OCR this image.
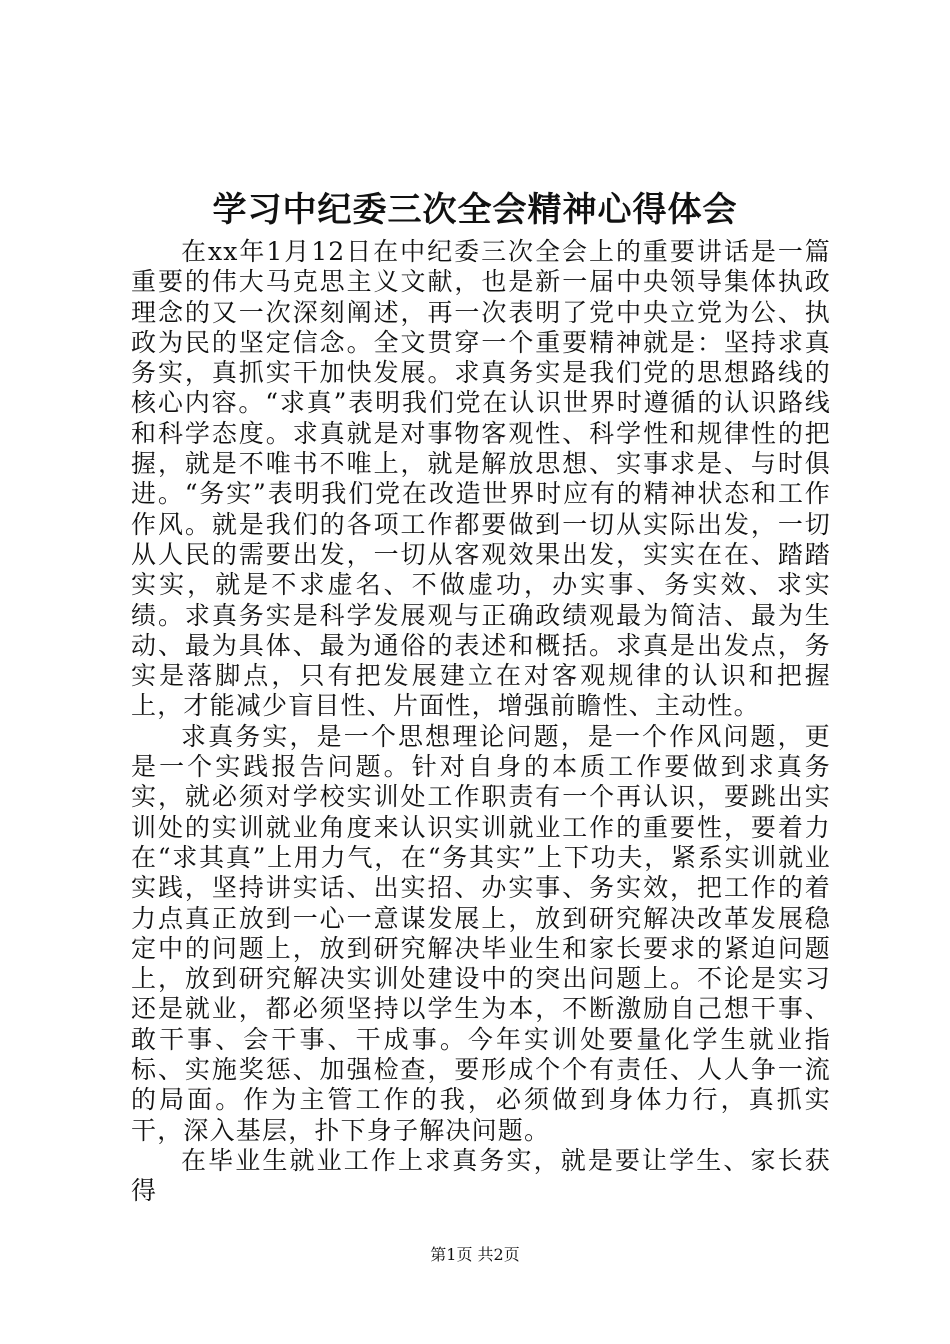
学习中纪委三次全会精神心得体会

在xx年1月12日在中纪委三次全会上的重要讲话是一篇重要的伟大马克思主义文献，也是新一届中央领导集体执政理念的又一次深刻阐述，再一次表明了党中央立党为公、执政为民的坚定信念。全文贯穿一个重要精神就是：坚持求真务实，真抓实干加快发展。求真务实是我们党的思想路线的核心内容。“求真”表明我们党在认识世界时遵循的认识路线和科学态度。求真就是对事物客观性、科学性和规律性的把握，就是不唯书不唯上，就是解放思想、实事求是、与时俱进。“务实”表明我们党在改造世界时应有的精神状态和工作作风。就是我们的各项工作都要做到一切从实际出发，一切从人民的需要出发，一切从客观效果出发，实实在在、踏踏实实，就是不求虚名、不做虚功，办实事、务实效、求实绩。求真务实是科学发展观与正确政绩观最为简洁、最为生动、最为具体、最为通俗的表述和概括。求真是出发点，务实是落脚点，只有把发展建立在对客观规律的认识和把握上，才能减少盲目性、片面性，增强前瞻性、主动性。

求真务实，是一个思想理论问题，是一个作风问题，更是一个实践报告问题。针对自身的本质工作要做到求真务实，就必须对学校实训处工作职责有一个再认识，要跳出实训处的实训就业角度来认识实训就业工作的重要性，要着力在“求其真”上用力气，在“务其实”上下功夫，紧系实训就业实践，坚持讲实话、出实招、办实事、务实效，把工作的着力点真正放到一心一意谋发展上，放到研究解决改革发展稳定中的问题上，放到研究解决毕业生和家长要求的紧迫问题上，放到研究解决实训处建设中的突出问题上。不论是实习还是就业，都必须坚持以学生为本，不断激励自己想干事、敢干事、会干事、干成事。今年实训处要量化学生就业指标、实施奖惩、加强检查，要形成个个有责任、人人争一流的局面。作为主管工作的我，必须做到身体力行，真抓实干，深入基层，扑下身子解决问题。

在毕业生就业工作上求真务实，就是要让学生、家长获得

第1页 共2页
